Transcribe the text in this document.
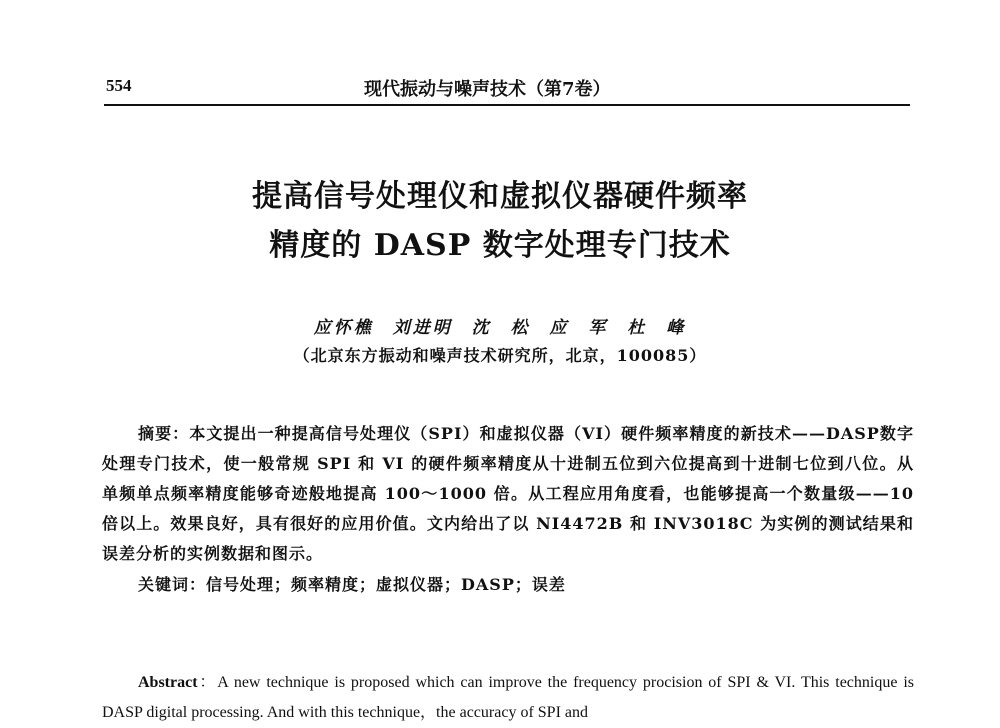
554	现代振动与噪声技术（第7卷）
提高信号处理仪和虚拟仪器硬件频率
精度的 DASP 数字处理专门技术
应怀樵 刘进明 沈 松 应 军 杜 峰
（北京东方振动和噪声技术研究所，北京，100085）
摘要：本文提出一种提高信号处理仪（SPI）和虚拟仪器（VI）硬件频率精度的新技术——DASP数字处理专门技术，使一般常规 SPI 和 VI 的硬件频率精度从十进制五位到六位提高到十进制七位到八位。从单频单点频率精度能够奇迹般地提高 100～1000 倍。从工程应用角度看，也能够提高一个数量级——10 倍以上。效果良好，具有很好的应用价值。文内给出了以 NI4472B 和 INV3018C 为实例的测试结果和误差分析的实例数据和图示。
关键词：信号处理；频率精度；虚拟仪器；DASP；误差
Abstract：A new technique is proposed which can improve the frequency procision of SPI & VI. This technique is DASP digital processing. And with this technique，the accuracy of SPI and
